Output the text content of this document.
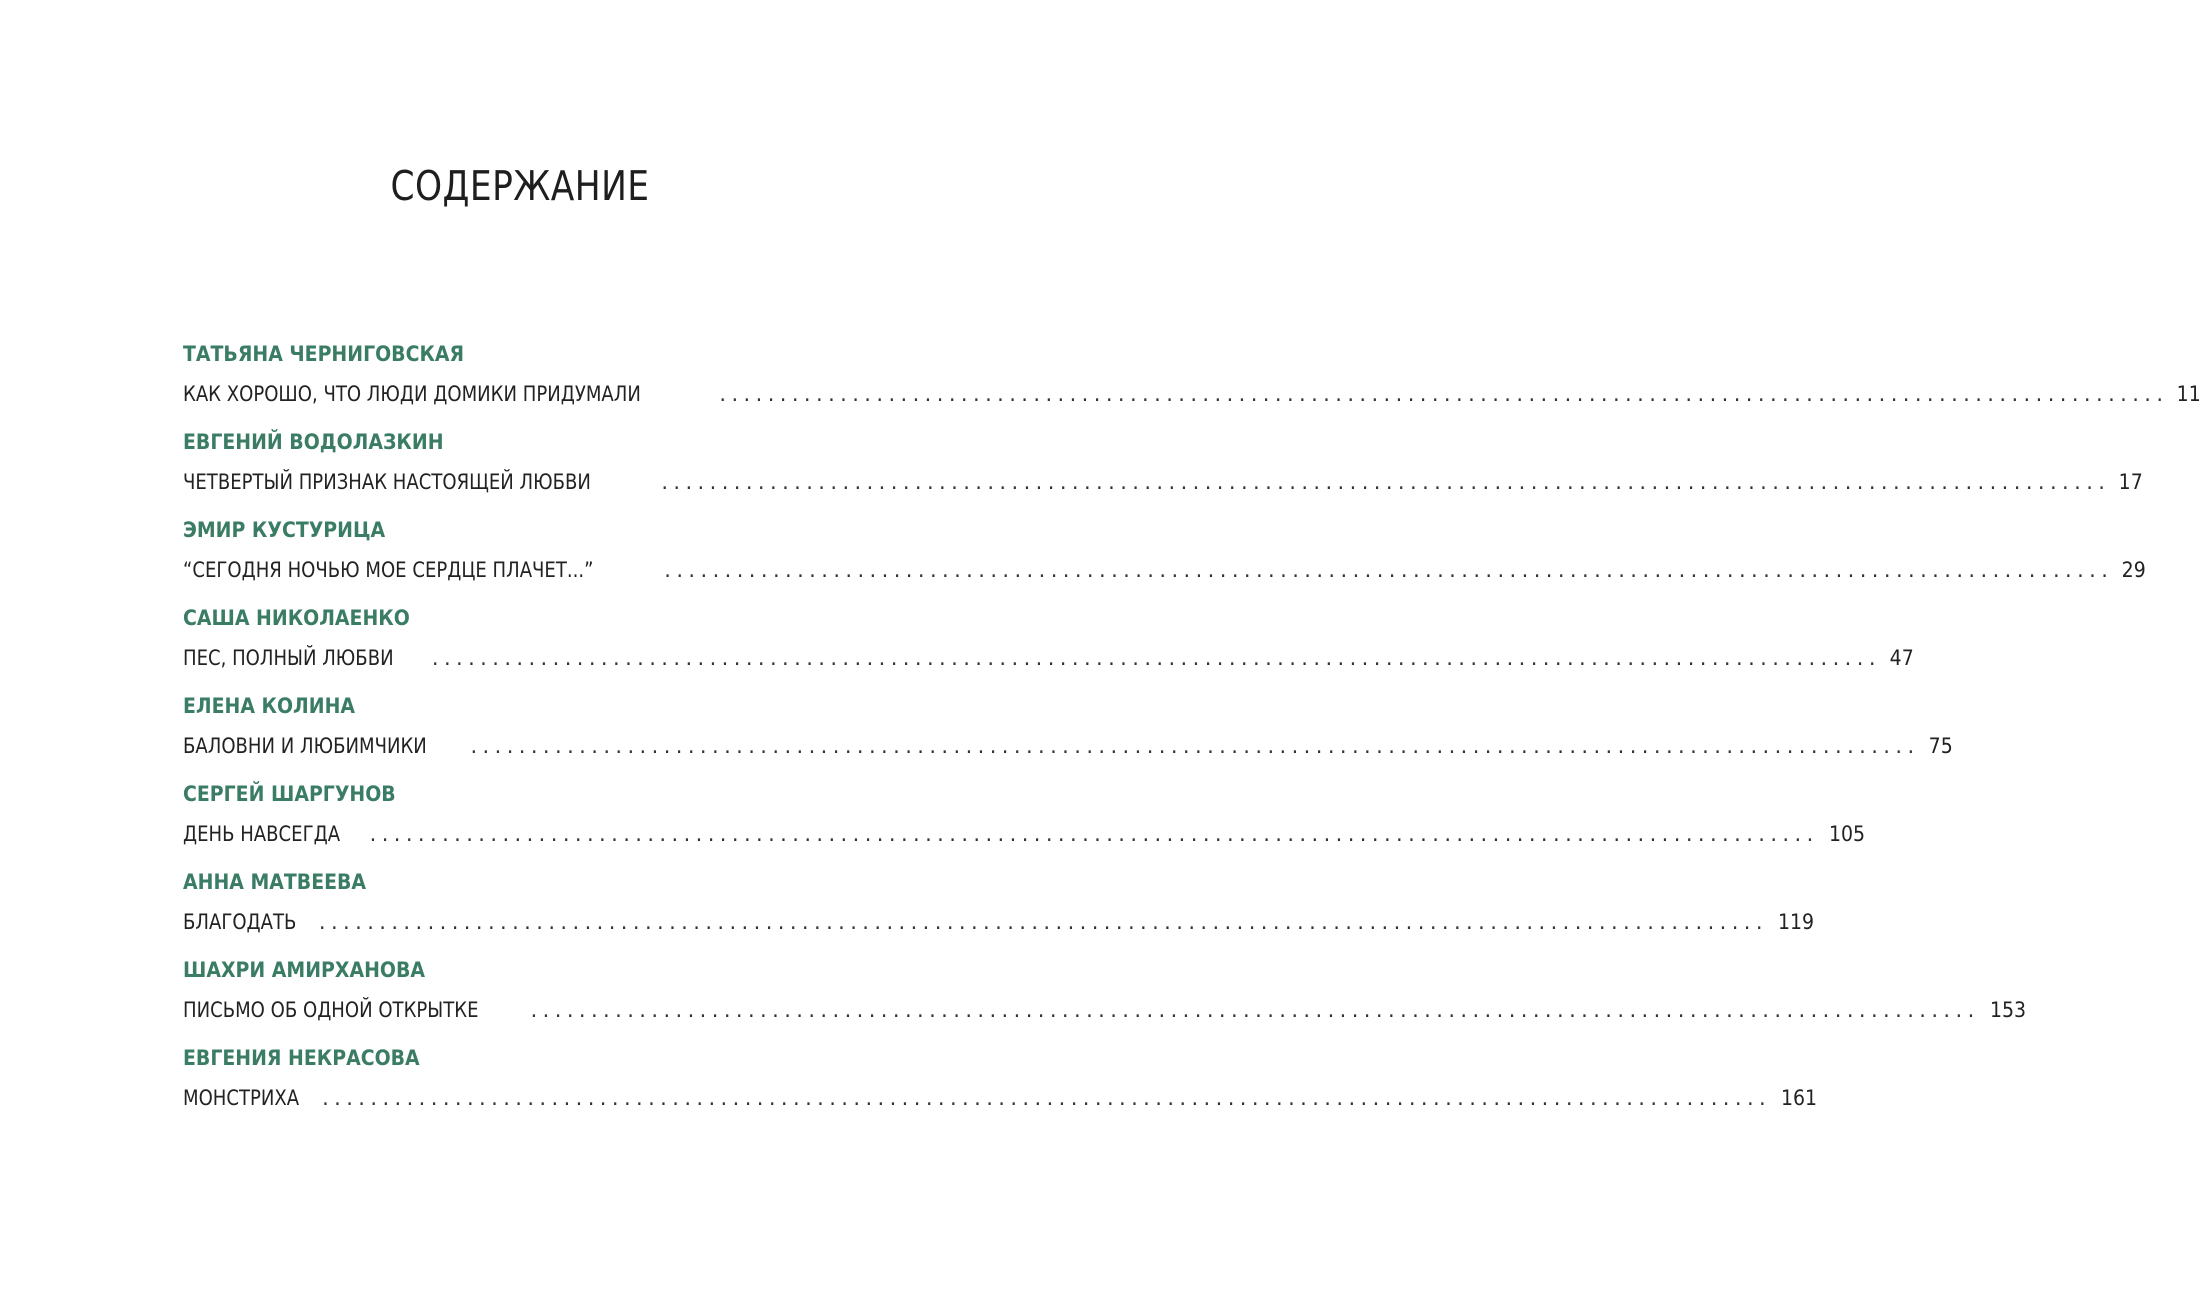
СОДЕРЖАНИЕ
ТАТЬЯНА ЧЕРНИГОВСКАЯ
КАК ХОРОШО, ЧТО ЛЮДИ ДОМИКИ ПРИДУМАЛИ	........................................................................................................................ 11
ЕВГЕНИЙ ВОДОЛАЗКИН
ЧЕТВЕРТЫЙ ПРИЗНАК НАСТОЯЩЕЙ ЛЮБВИ	........................................................................................................................ 17
ЭМИР КУСТУРИЦА
“СЕГОДНЯ НОЧЬЮ МОЕ СЕРДЦЕ ПЛАЧЕТ...”	........................................................................................................................ 29
САША НИКОЛАЕНКО
ПЕС, ПОЛНЫЙ ЛЮБВИ ........................................................................................................................ 47
ЕЛЕНА КОЛИНА
БАЛОВНИ И ЛЮБИМЧИКИ ........................................................................................................................ 75
СЕРГЕЙ ШАРГУНОВ
ДЕНЬ НАВСЕГДА ........................................................................................................................ 105
АННА МАТВЕЕВА
БЛАГОДАТЬ ........................................................................................................................ 119
ШАХРИ АМИРХАНОВА
ПИСЬМО ОБ ОДНОЙ ОТКРЫТКЕ ........................................................................................................................ 153
ЕВГЕНИЯ НЕКРАСОВА
МОНСТРИХА ........................................................................................................................ 161
